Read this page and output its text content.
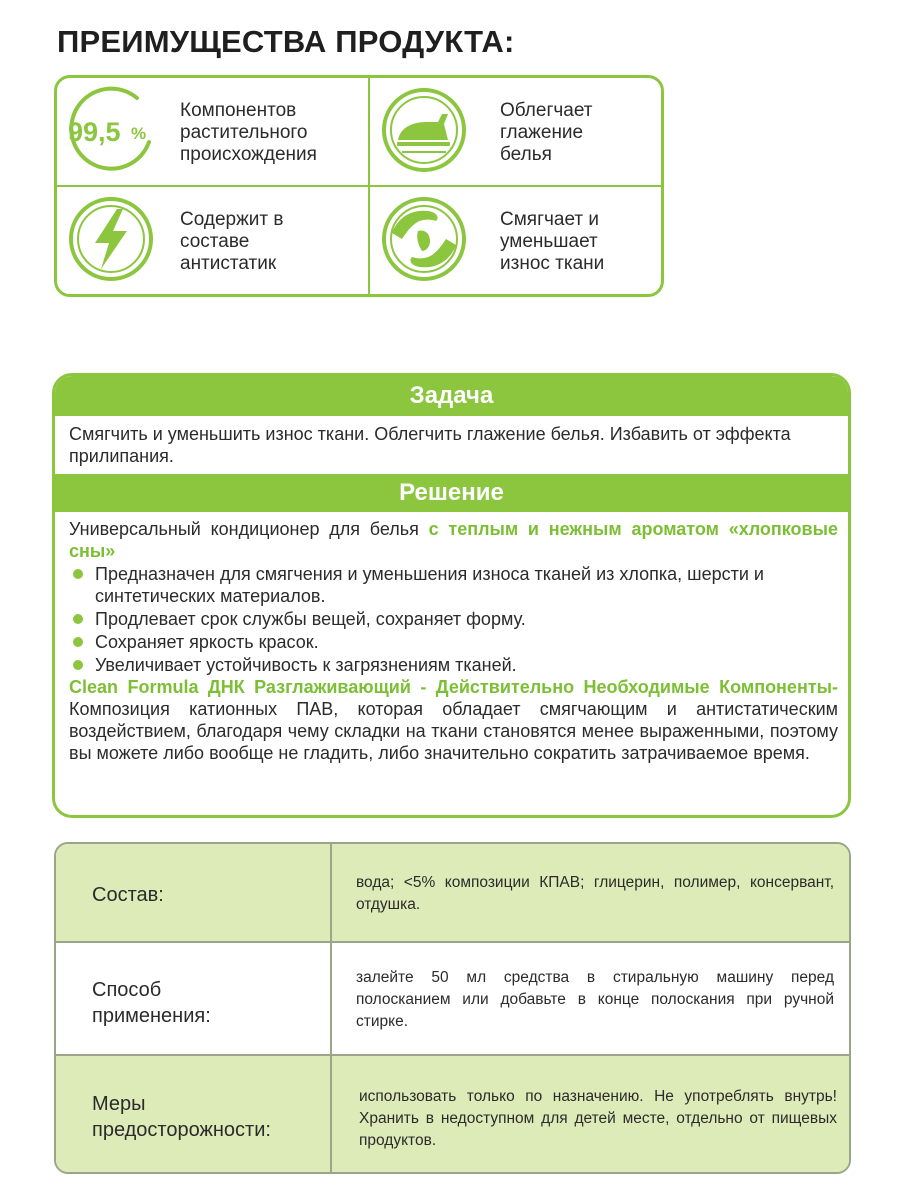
ПРЕИМУЩЕСТВА ПРОДУКТА:
99,5 %
Компонентов
растительного
происхождения
Облегчает
глажение
белья
Содержит в
составе
антистатик
Смягчает и
уменьшает
износ ткани
Задача
Смягчить и уменьшить износ ткани. Облегчить глажение белья. Избавить от эффекта прилипания.
Решение

Универсальный кондиционер для белья с теплым и нежным ароматом «хлопковые сны»

Предназначен для смягчения и уменьшения износа тканей из хлопка, шерсти и синтетических материалов.
Продлевает срок службы вещей, сохраняет форму.
Сохраняет яркость красок.
Увеличивает устойчивость к загрязнениям тканей.

Clean Formula ДНК Разглаживающий - Действительно Необходимые Компоненты- Композиция катионных ПАВ, которая обладает смягчающим и антистатическим воздействием, благодаря чему складки на ткани становятся менее выраженными, поэтому вы можете либо вообще не гладить, либо значительно сократить затрачиваемое время.

Состав:
вода; <5% композиции КПАВ; глицерин, полимер, консервант, отдушка.
Способ
применения:
залейте 50 мл средства в стиральную машину перед полосканием или добавьте в конце полоскания при ручной стирке.
Меры
предосторожности:
использовать только по назначению. Не употреблять внутрь! Хранить в недоступном для детей месте, отдельно от пищевых продуктов.
